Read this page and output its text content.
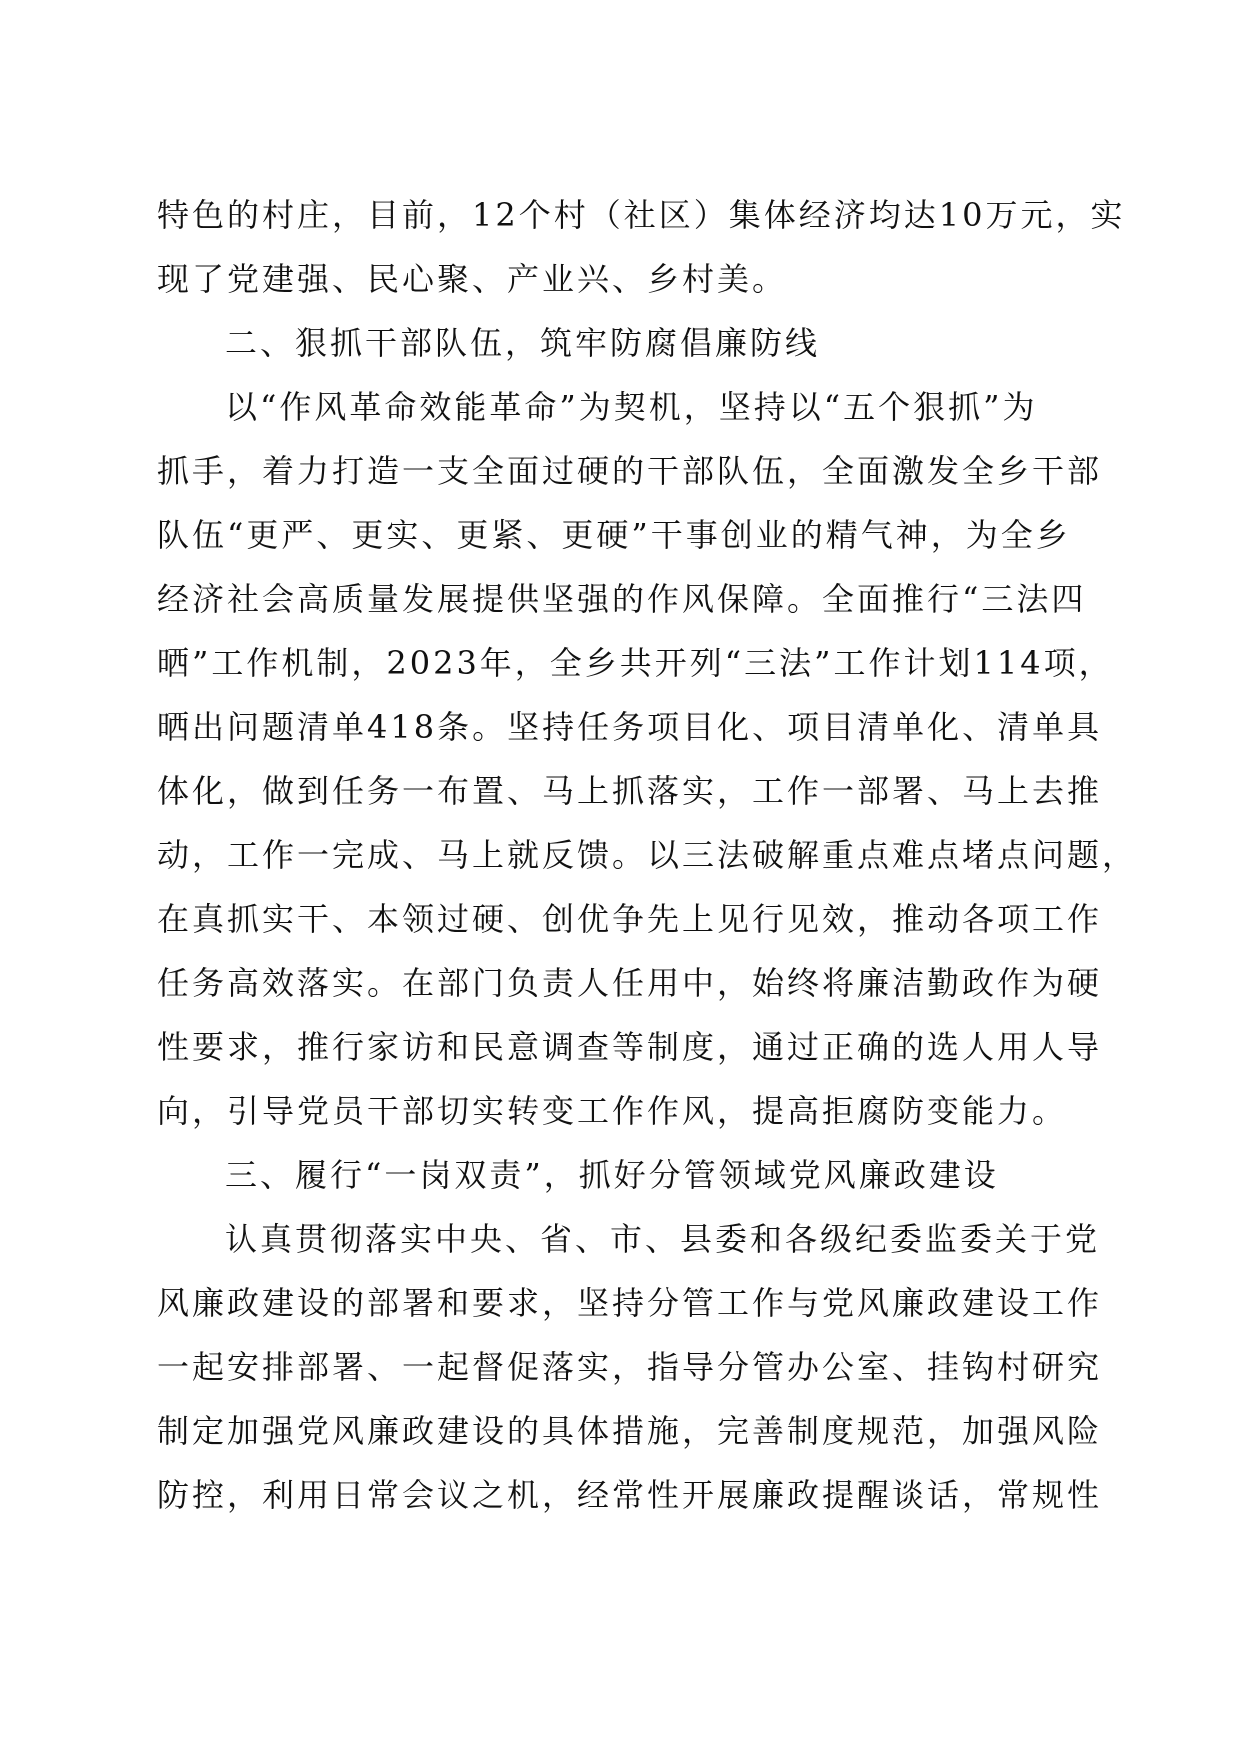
特色的村庄，目前，12个村（社区）集体经济均达10万元，实
现了党建强、民心聚、产业兴、乡村美。
二、狠抓干部队伍，筑牢防腐倡廉防线
以“作风革命效能革命”为契机，坚持以“五个狠抓”为
抓手，着力打造一支全面过硬的干部队伍，全面激发全乡干部
队伍“更严、更实、更紧、更硬”干事创业的精气神，为全乡
经济社会高质量发展提供坚强的作风保障。全面推行“三法四
晒”工作机制，2023年，全乡共开列“三法”工作计划114项，
晒出问题清单418条。坚持任务项目化、项目清单化、清单具
体化，做到任务一布置、马上抓落实，工作一部署、马上去推
动，工作一完成、马上就反馈。以三法破解重点难点堵点问题，
在真抓实干、本领过硬、创优争先上见行见效，推动各项工作
任务高效落实。在部门负责人任用中，始终将廉洁勤政作为硬
性要求，推行家访和民意调查等制度，通过正确的选人用人导
向，引导党员干部切实转变工作作风，提高拒腐防变能力。
三、履行“一岗双责”，抓好分管领域党风廉政建设
认真贯彻落实中央、省、市、县委和各级纪委监委关于党
风廉政建设的部署和要求，坚持分管工作与党风廉政建设工作
一起安排部署、一起督促落实，指导分管办公室、挂钩村研究
制定加强党风廉政建设的具体措施，完善制度规范，加强风险
防控，利用日常会议之机，经常性开展廉政提醒谈话，常规性
